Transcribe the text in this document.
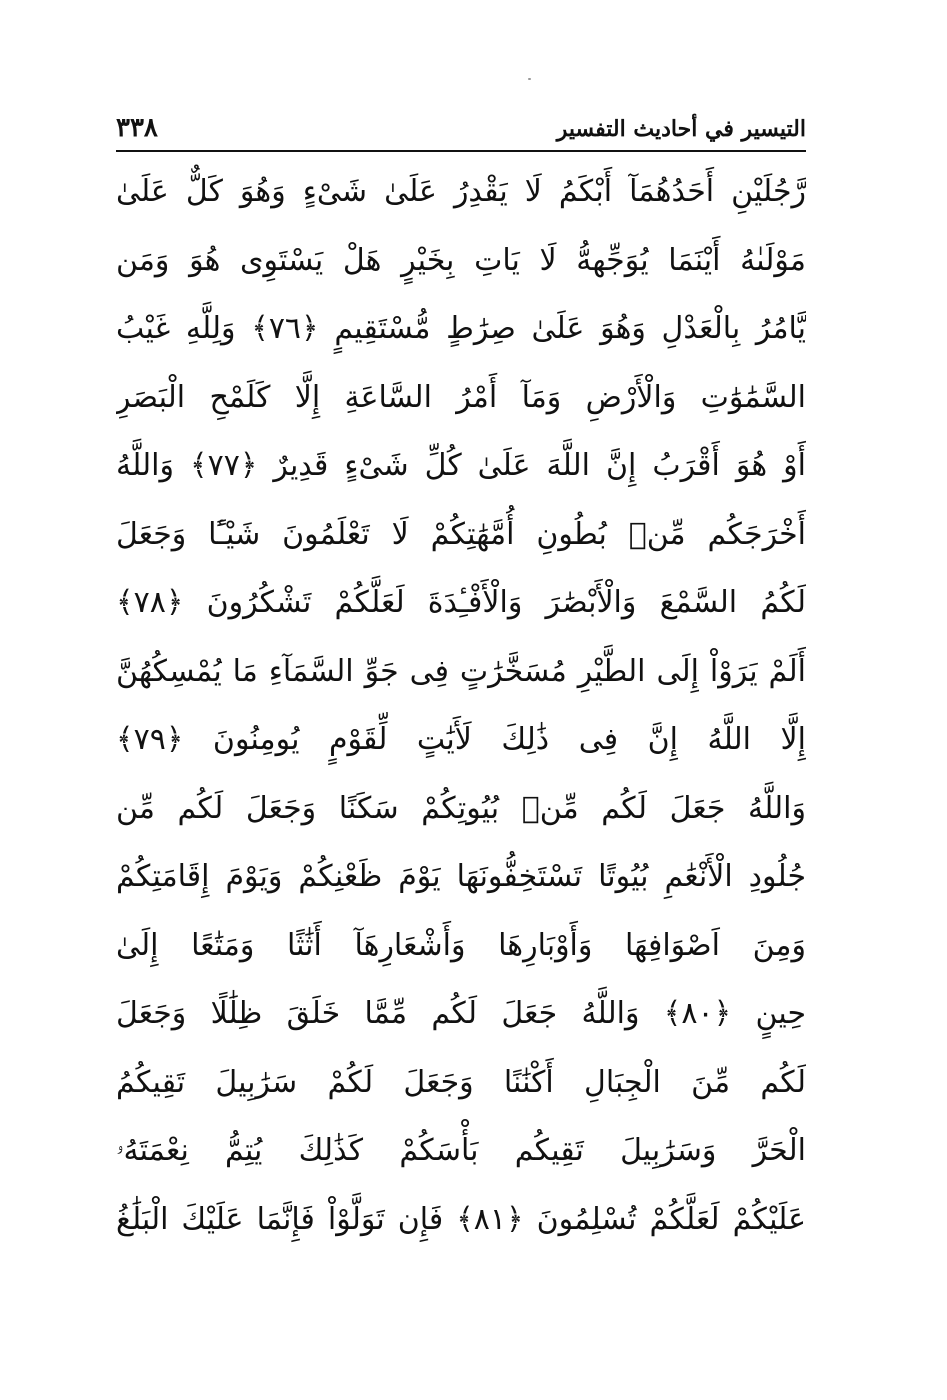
التيسير في أحاديث التفسير
٣٣٨
رَّجُلَيْنِ أَحَدُهُمَآ أَبْكَمُ لَا يَقْدِرُ عَلَىٰ شَىْءٍ وَهُوَ كَلٌّ عَلَىٰ
مَوْلَىٰهُ أَيْنَمَا يُوَجِّههُّ لَا يَاتِ بِخَيْرٍ هَلْ يَسْتَوِى هُوَ وَمَن
يَّامُرُ بِالْعَدْلِ وَهُوَ عَلَىٰ صِرَٰطٍ مُّسْتَقِيمٍ ﴿٧٦﴾ وَلِلَّهِ غَيْبُ
السَّمَٰوَٰتِ وَالْأَرْضِ وَمَآ أَمْرُ السَّاعَةِ إِلَّا كَلَمْحِ الْبَصَرِ
أَوْ هُوَ أَقْرَبُ إِنَّ اللَّهَ عَلَىٰ كُلِّ شَىْءٍ قَدِيرٌ ﴿٧٧﴾ وَاللَّهُ
أَخْرَجَكُم مِّنۢ بُطُونِ أُمَّهَٰتِكُمْ لَا تَعْلَمُونَ شَيْـًٔا وَجَعَلَ
لَكُمُ السَّمْعَ وَالْأَبْصَٰرَ وَالْأَفْـِٔدَةَ لَعَلَّكُمْ تَشْكُرُونَ ﴿٧٨﴾
أَلَمْ يَرَوْاْ إِلَى الطَّيْرِ مُسَخَّرَٰتٍ فِى جَوِّ السَّمَآءِ مَا يُمْسِكُهُنَّ
إِلَّا اللَّهُ إِنَّ فِى ذَٰلِكَ لَأَيَٰتٍ لِّقَوْمٍ يُومِنُونَ ﴿٧٩﴾
وَاللَّهُ جَعَلَ لَكُم مِّنۢ بُيُوتِكُمْ سَكَنًا وَجَعَلَ لَكُم مِّن
جُلُودِ الْأَنْعَٰمِ بُيُوتًا تَسْتَخِفُّونَهَا يَوْمَ ظَعْنِكُمْ وَيَوْمَ إِقَامَتِكُمْ
وَمِنَ اَصْوَافِهَا وَأَوْبَارِهَا وَأَشْعَارِهَآ أَثَٰثًا وَمَتَٰعًا إِلَىٰ
حِينٍ ﴿٨٠﴾ وَاللَّهُ جَعَلَ لَكُم مِّمَّا خَلَقَ ظِلَٰلًا وَجَعَلَ
لَكُم مِّنَ الْجِبَالِ أَكْنَٰنًا وَجَعَلَ لَكُمْ سَرَٰبِيلَ تَقِيكُمُ
الْحَرَّ وَسَرَٰبِيلَ تَقِيكُم بَأْسَكُمْ كَذَٰلِكَ يُتِمُّ نِعْمَتَهُۥ
عَلَيْكُمْ لَعَلَّكُمْ تُسْلِمُونَ ﴿٨١﴾ فَإِن تَوَلَّوْاْ فَإِنَّمَا عَلَيْكَ الْبَلَٰغُ
